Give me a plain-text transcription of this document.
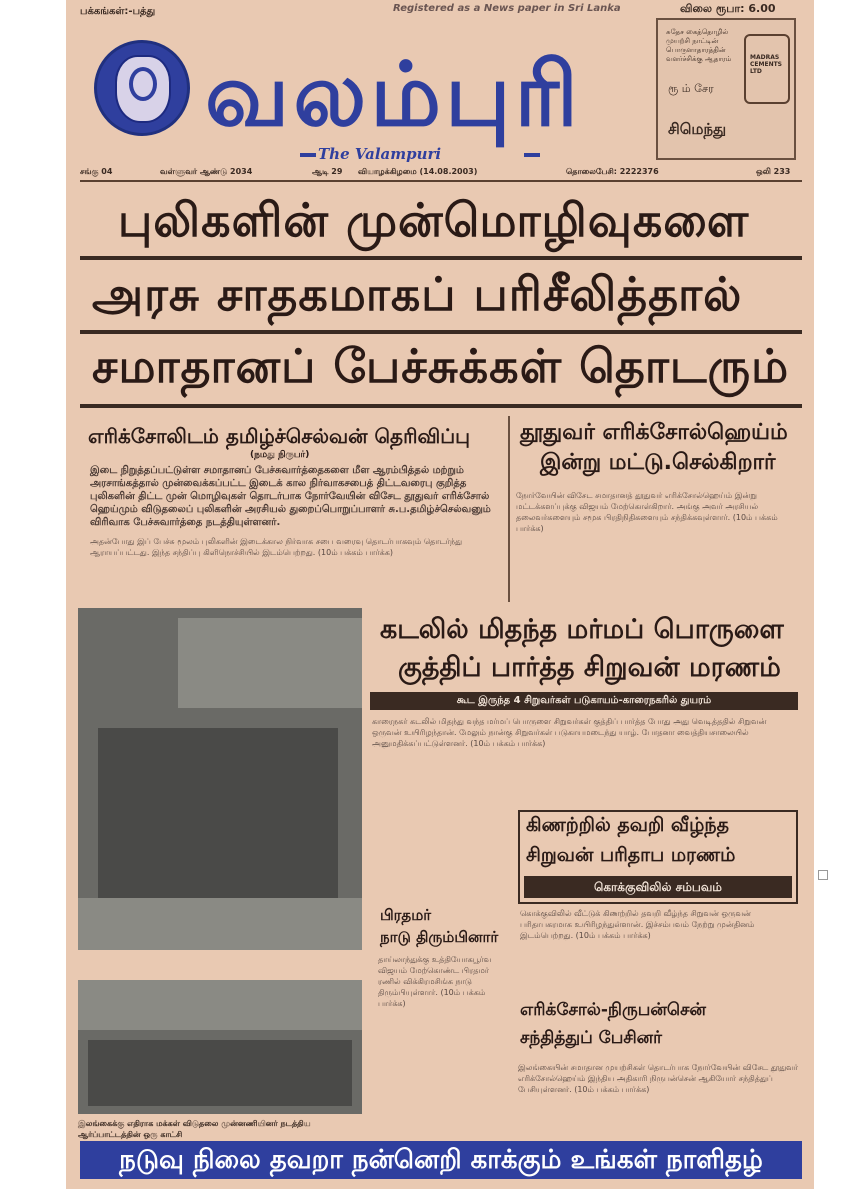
பக்கங்கள்:-பத்து	Registered as a News paper in Sri Lanka	விலை ரூபா: 6.00
வலம்புரி
The Valampuri
சுதேச கைத்தொழில் முயற்சி நாட்டின் பொருளாதாரத்தின் வளர்ச்சிக்கு ஆதாரம்
ரூ ம் சேர
MADRAS CEMENTS LTD
சிமெந்து
சங்கு 04	வள்ளுவர் ஆண்டு 2034	ஆடி 29 வியாழக்கிழமை (14.08.2003)	தொலைபேசி: 2222376	ஒலி 233
புலிகளின் முன்மொழிவுகளை
அரசு சாதகமாகப் பரிசீலித்தால்
சமாதானப் பேச்சுக்கள் தொடரும்
எரிக்சோலிடம் தமிழ்ச்செல்வன் தெரிவிப்பு
(நமது நிருபர்)
இடை நிறுத்தப்பட்டுள்ள சமாதானப் பேச்சுவார்த்தைகளை மீள ஆரம்பித்தல் மற்றும் அரசாங்கத்தால் முன்வைக்கப்பட்ட இடைக் கால நிர்வாகசபைத் திட்டவரைபு குறித்த புலிகளின் திட்ட முன் மொழிவுகள் தொடர்பாக நோர்வேயின் விசேட தூதுவர் எரிக்சோல் ஹெய்மும் விடுதலைப் புலிகளின் அரசியல் துறைப்பொறுப்பாளர் சு.ப.தமிழ்ச்செல்வனும் விரிவாக பேச்சுவார்த்தை நடத்தியுள்ளனர்.
அதன்போது இப் பேச்சு மூலம் புலிகளின் இடைக்கால நிர்வாக சபை வரைவு தொடர்பாகவும் தொடர்ந்து ஆராயப்பட்டது. இந்த சந்திப்பு கிளிநொச்சியில் இடம்பெற்றது. (10ம் பக்கம் பார்க்க)
தூதுவர் எரிக்சோல்ஹெய்ம்
இன்று மட்டு.செல்கிறார்
நோர்வேயின் விசேட சமாதானத் தூதுவர் எரிக்சோல்ஹெய்ம் இன்று மட்டக்களப்புக்கு விஜயம் மேற்கொள்கிறார். அங்கு அவர் அரசியல் தலைவர்களையும் சமூக பிரதிநிதிகளையும் சந்திக்கவுள்ளார். (10ம் பக்கம் பார்க்க)
கடலில் மிதந்த மர்மப் பொருளை
குத்திப் பார்த்த சிறுவன் மரணம்
கூட இருந்த 4 சிறுவர்கள் படுகாயம்-காரைநகரில் துயரம்
காரைநகர் கடலில் மிதந்து வந்த மர்மப் பொருளை சிறுவர்கள் குத்திப் பார்த்த போது அது வெடித்ததில் சிறுவன் ஒருவன் உயிரிழந்தான். மேலும் நான்கு சிறுவர்கள் படுகாயமடைந்து யாழ். போதனா வைத்தியசாலையில் அனுமதிக்கப்பட்டுள்ளனர். (10ம் பக்கம் பார்க்க)
கிணற்றில் தவறி வீழ்ந்த
சிறுவன் பரிதாப மரணம்
கொக்குவிலில் சம்பவம்
கொக்குவிலில் வீட்டுக் கிணற்றில் தவறி வீழ்ந்த சிறுவன் ஒருவன் பரிதாபகரமாக உயிரிழந்துள்ளான். இச்சம்பவம் நேற்று முன்தினம் இடம்பெற்றது. (10ம் பக்கம் பார்க்க)
பிரதமர்
நாடு திரும்பினார்
தாய்லாந்துக்கு உத்தியோகபூர்வ விஜயம் மேற்கொண்ட பிரதமர் ரணில் விக்கிரமசிங்க நாடு திரும்பியுள்ளார். (10ம் பக்கம் பார்க்க)	எரிக்சோல்-நிருபன்சென்
சந்தித்துப் பேசினர்
இலங்கையின் சமாதான முயற்சிகள் தொடர்பாக நோர்வேயின் விசேட தூதுவர் எரிக்சோல்ஹெய்ம் இந்திய அதிகாரி நிருபன்சென் ஆகியோர் சந்தித்துப் பேசியுள்ளனர். (10ம் பக்கம் பார்க்க)
இலங்கைக்கு எதிராக மக்கள் விடுதலை முன்னணியினர் நடத்திய ஆர்ப்பாட்டத்தின் ஒரு காட்சி
நடுவு நிலை தவறா நன்னெறி காக்கும் உங்கள் நாளிதழ்
